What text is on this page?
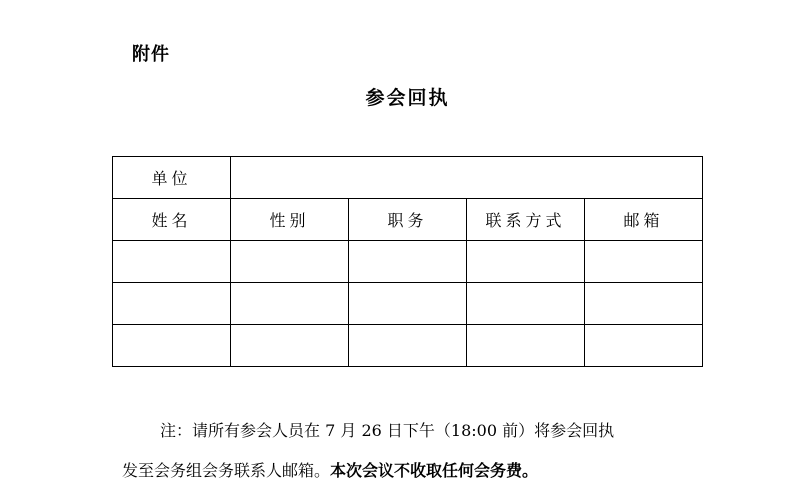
附件
参会回执
单位				
姓名	性别	职务	联系方式	邮箱

注：请所有参会人员在 7 月 26 日下午（18:00 前）将参会回执
发至会务组会务联系人邮箱。本次会议不收取任何会务费。
